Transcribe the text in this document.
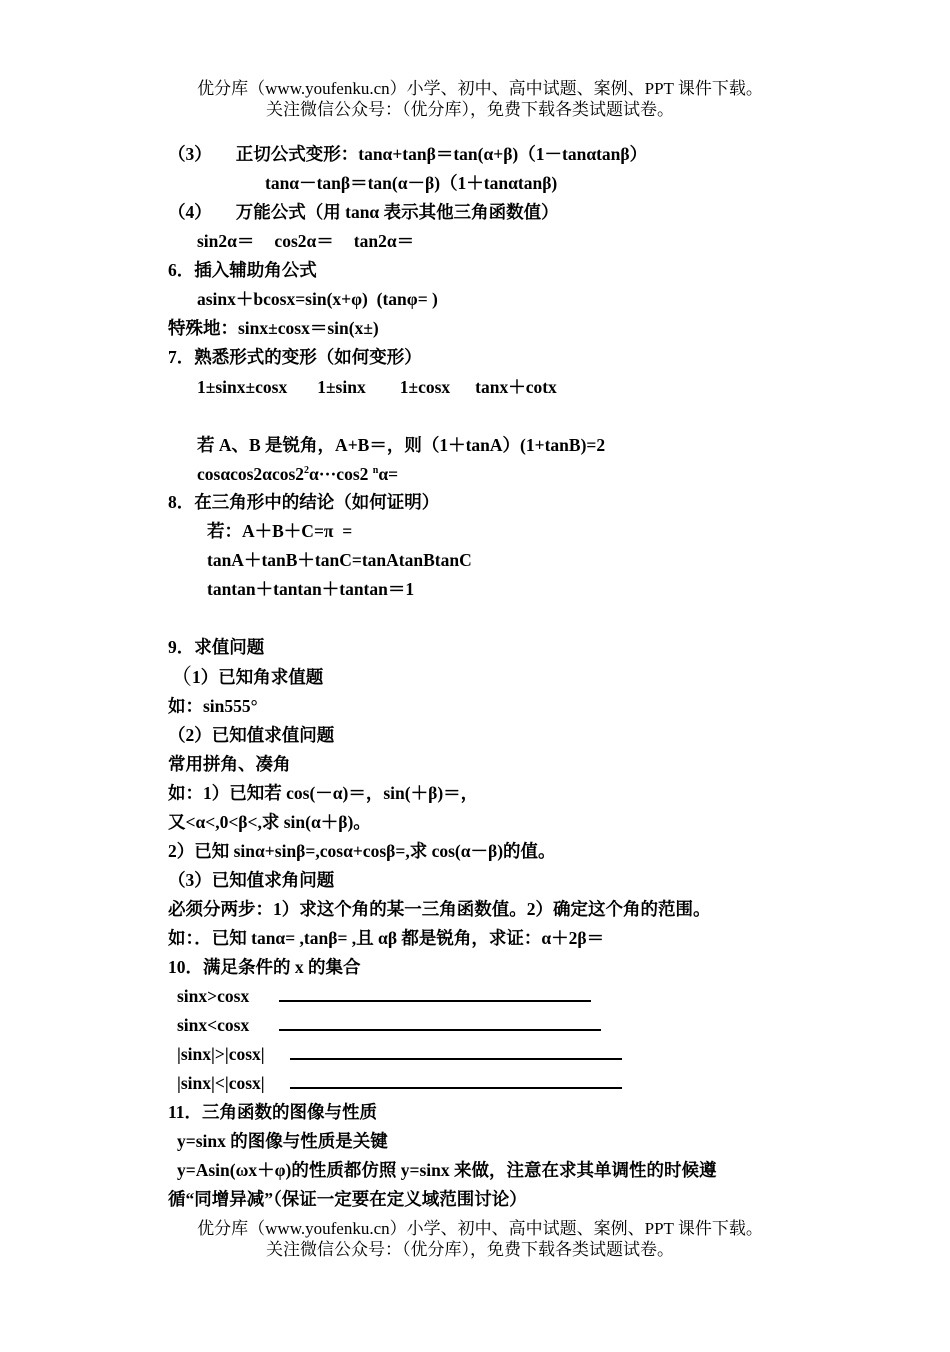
优分库（www.youfenku.cn）小学、初中、高中试题、案例、PPT 课件下载。
关注微信公众号：（优分库），免费下载各类试题试卷。
（3） 正切公式变形：tanα+tanβ＝tan(α+β)（1－tanαtanβ）
tanα－tanβ＝tan(α－β)（1＋tanαtanβ)
（4） 万能公式（用 tanα 表示其他三角函数值）
sin2α＝ cos2α＝ tan2α＝
6．插入辅助角公式
asinx＋bcosx=sin(x+φ)  (tanφ= )
特殊地：sinx±cosx＝sin(x±)
7．熟悉形式的变形（如何变形）
1±sinx±cosx 1±sinx 1±cosx tanx＋cotx
若 A、B 是锐角，A+B＝，则（1＋tanA）(1+tanB)=2
$\cos\alpha\cos 2\alpha\cos 2^2\alpha\cdot\cdot\cdot\cos 2$ $^n$α=
8．在三角形中的结论（如何证明）
若：A＋B＋C=π  =
tanA＋tanB＋tanC=tanAtanBtanC
tantan＋tantan＋tantan＝1
9．求值问题
（1）已知角求值题
如：sin555°
（2）已知值求值问题
常用拼角、凑角
如：1）已知若 cos(－α)＝，sin(＋β)＝，
又<α<,0<β<,求 sin(α＋β)。
2）已知 sinα+sinβ=,cosα+cosβ=,求 cos(α－β)的值。
（3）已知值求角问题
必须分两步：1）求这个角的某一三角函数值。2）确定这个角的范围。
如：．已知 tanα= ,tanβ= ,且 αβ 都是锐角，求证：α＋2β＝
10．满足条件的 x 的集合
sinx>cosx
sinx<cosx
|sinx|>|cosx|
|sinx|<|cosx|
11．三角函数的图像与性质
y=sinx 的图像与性质是关键
y=Asin(ωx＋φ)的性质都仿照 y=sinx 来做，注意在求其单调性的时候遵
循“同增异减”（保证一定要在定义域范围讨论）
优分库（www.youfenku.cn）小学、初中、高中试题、案例、PPT 课件下载。
关注微信公众号：（优分库），免费下载各类试题试卷。
